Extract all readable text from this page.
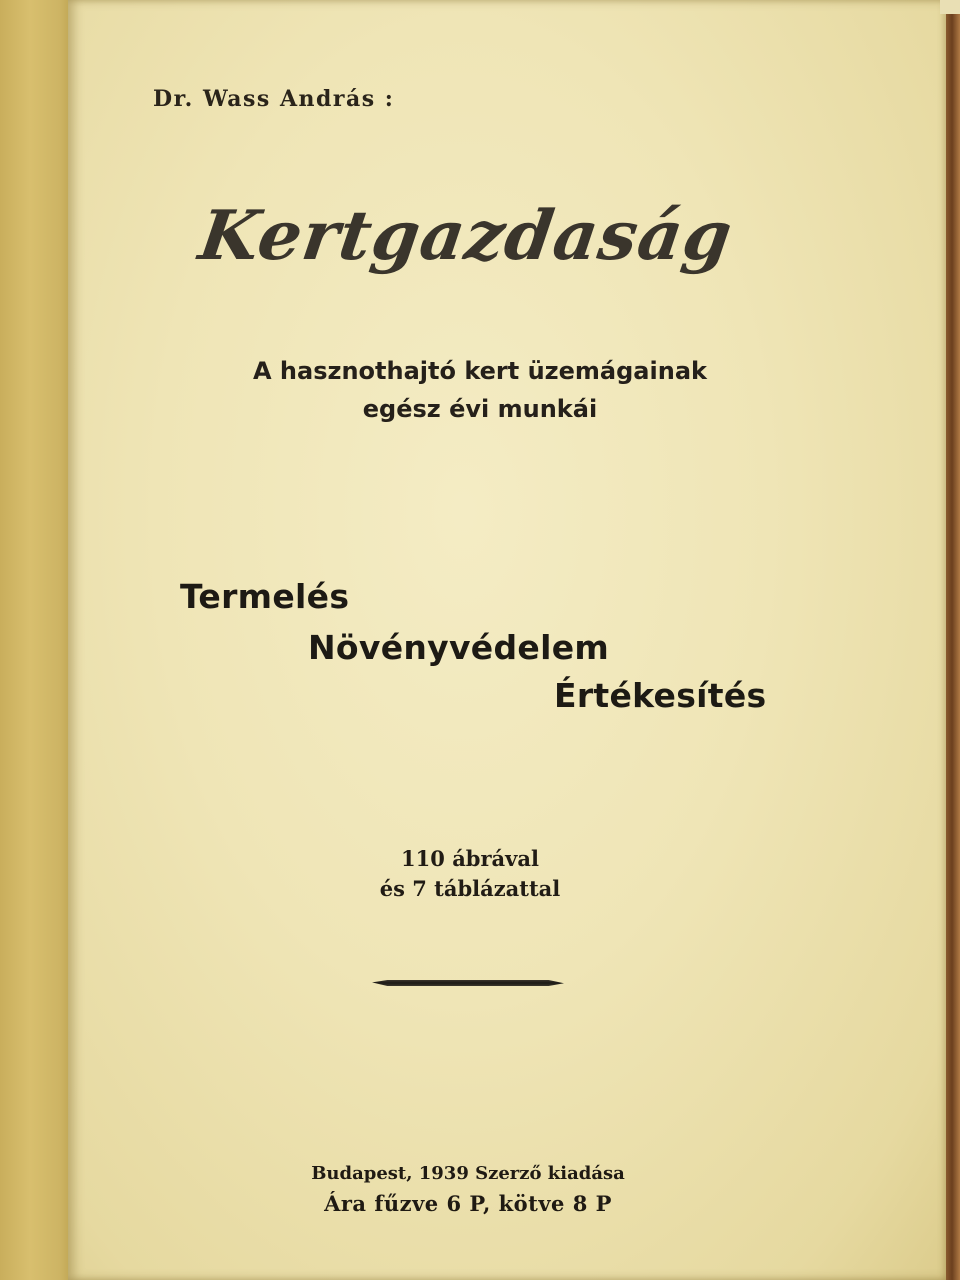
Dr. Wass András :

Kertgazdaság

A hasznothajtó kert üzemágainak
egész évi munkái

Termelés

Növényvédelem

Értékesítés

110 ábrával
és 7 táblázattal
Budapest, 1939 Szerző kiadása
Ára fűzve 6 P, kötve 8 P
